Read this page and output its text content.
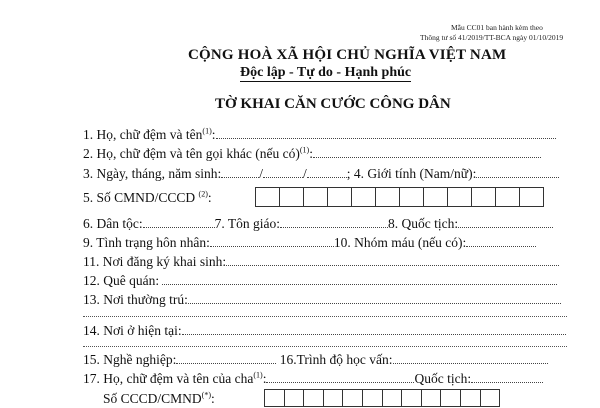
Mẫu CC01 ban hành kèm theo
Thông tư số 41/2019/TT-BCA ngày 01/10/2019
CỘNG HOÀ XÃ HỘI CHỦ NGHĨA VIỆT NAM
Độc lập - Tự do - Hạnh phúc
TỜ KHAI CĂN CƯỚC CÔNG DÂN
1. Họ, chữ đệm và tên$^{(1)}$:
2. Họ, chữ đệm và tên gọi khác (nếu có)$^{(1)}$:
3. Ngày, tháng, năm sinh:	/	/	; 4. Giới tính (Nam/nữ):
5. Số CMND/CCCD $^{(2)}$:
6. Dân tộc:	7. Tôn giáo:	8. Quốc tịch:
9. Tình trạng hôn nhân:	10. Nhóm máu (nếu có):
11. Nơi đăng ký khai sinh:
12. Quê quán:
13. Nơi thường trú:
14. Nơi ở hiện tại:
15. Nghề nghiệp:	16.Trình độ học vấn:
17. Họ, chữ đệm và tên của cha$^{(1)}$:	Quốc tịch:
Số CCCD/CMND(*):
